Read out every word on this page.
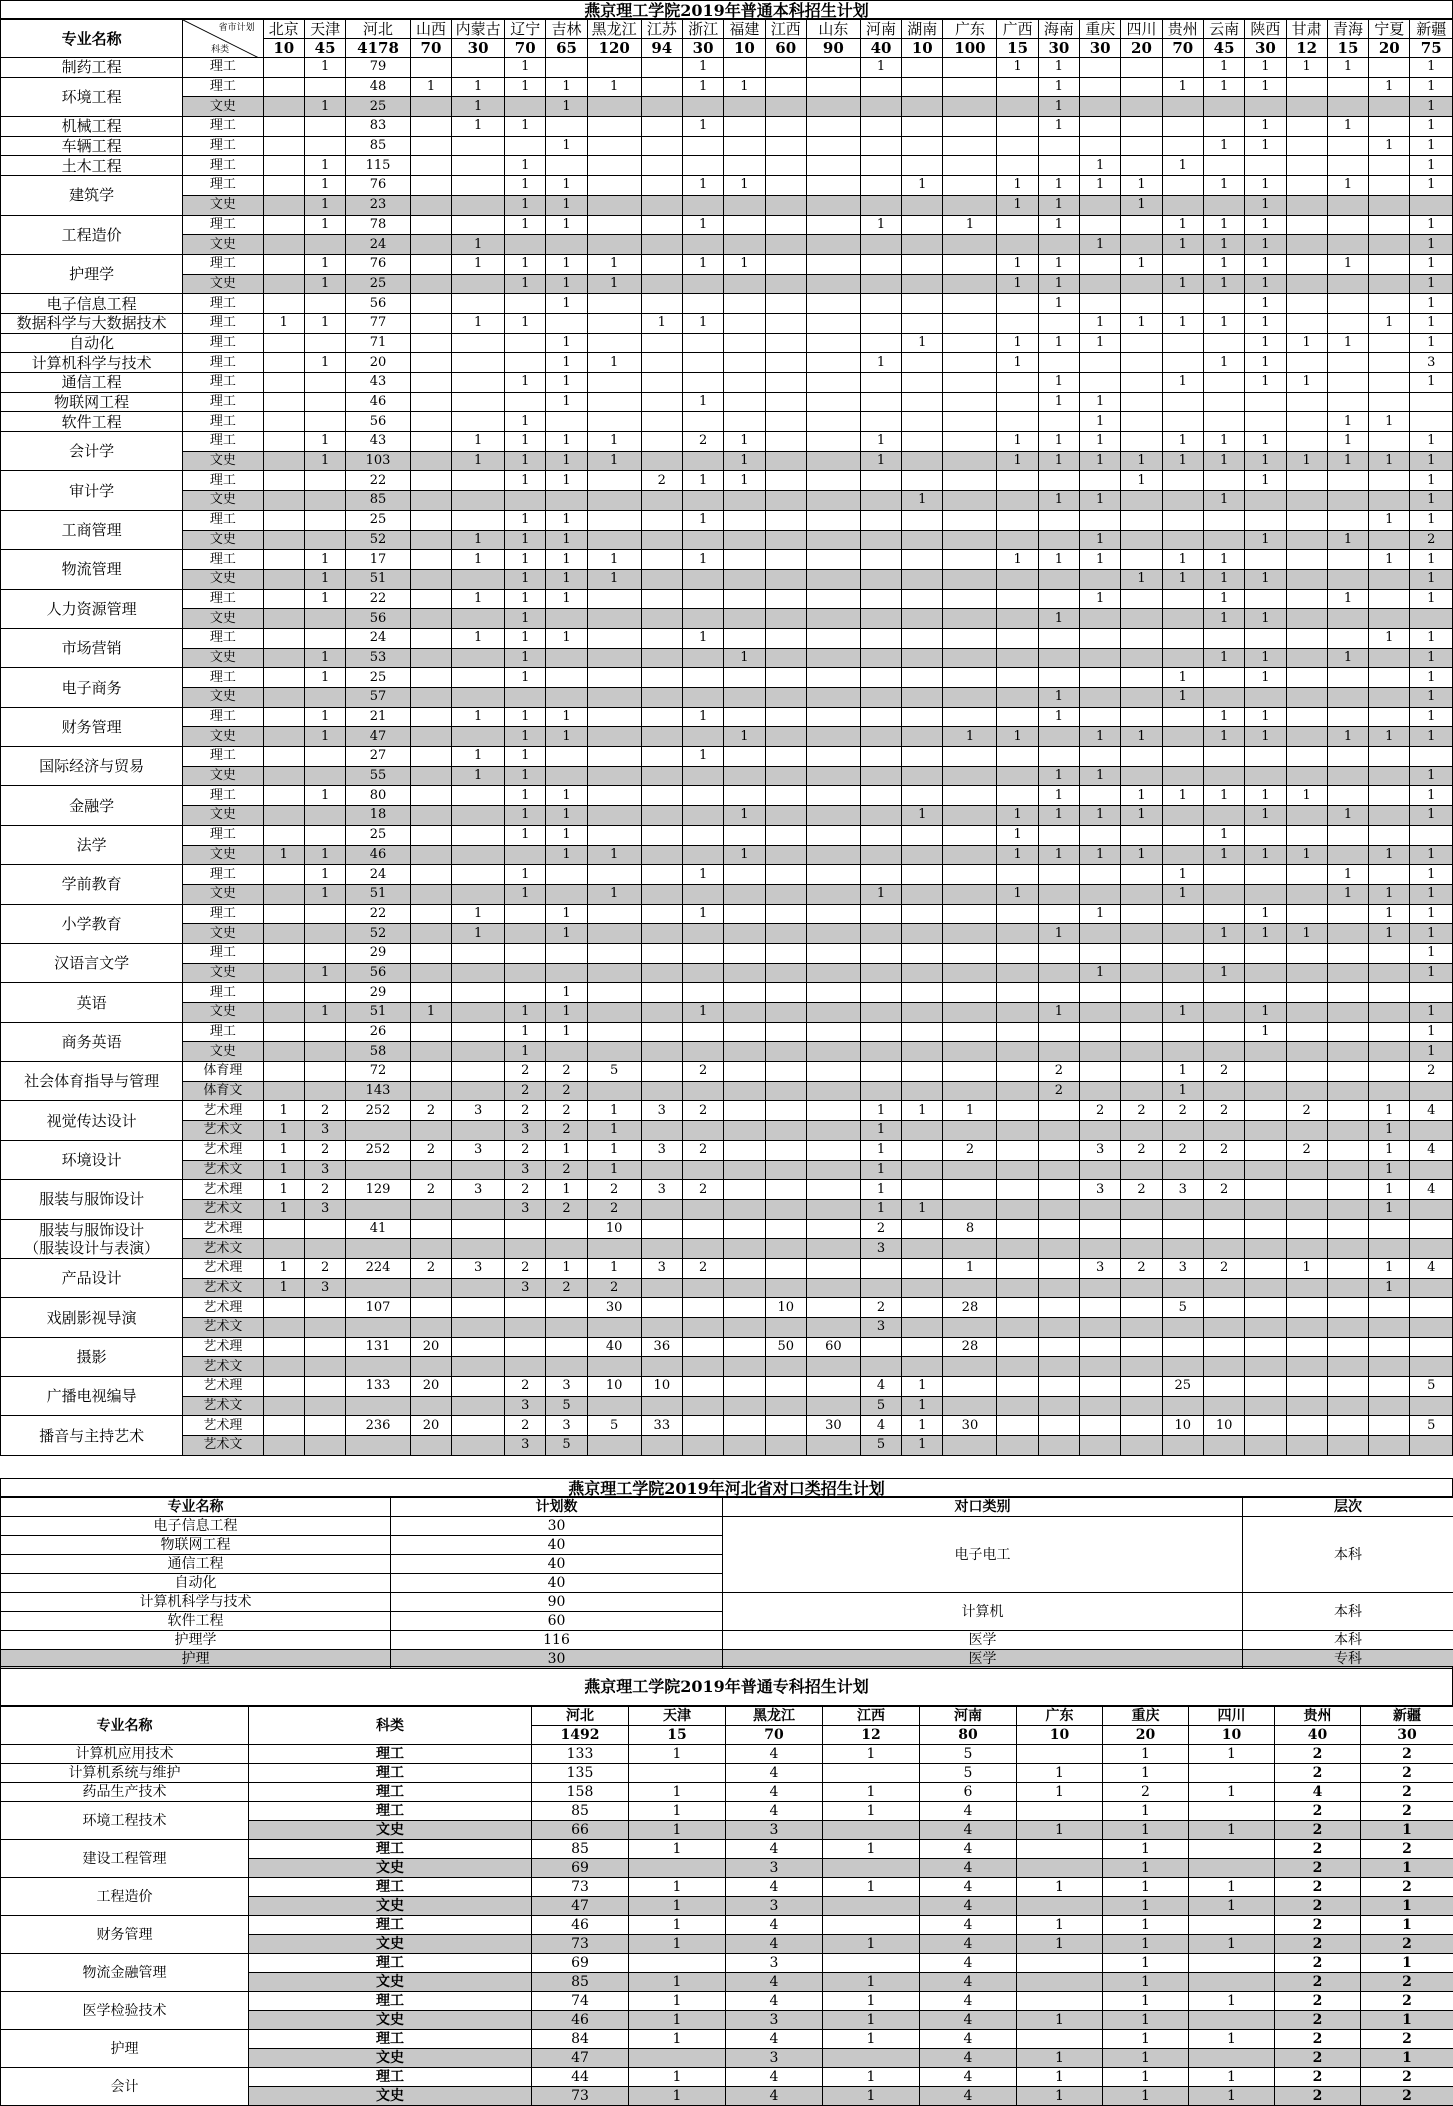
燕京理工学院2019年普通本科招生计划
专业名称	省市计划
科类	北京	天津	河北	山西	内蒙古	辽宁	吉林	黑龙江	江苏	浙江	福建	江西	山东	河南	湖南	广东	广西	海南	重庆	四川	贵州	云南	陕西	甘肃	青海	宁夏	新疆
		10	45	4178	70	30	70	65	120	94	30	10	60	90	40	10	100	15	30	30	20	70	45	30	12	15	20	75
制药工程	理工		1	79			1				1				1			1	1				1	1	1	1		1
环境工程	理工			48	1	1	1	1	1		1	1							1			1	1	1			1	1
	文史		1	25		1		1											1									1
机械工程	理工			83		1	1				1								1					1		1		1
车辆工程	理工			85				1															1	1			1	1
土木工程	理工		1	115			1													1		1						1
建筑学	理工		1	76			1	1			1	1				1		1	1	1	1		1	1		1		1
	文史		1	23			1	1										1	1		1			1				
工程造价	理工		1	78			1	1			1				1		1		1			1	1	1				1
	文史			24		1														1		1	1	1				1
护理学	理工		1	76		1	1	1	1		1	1						1	1		1		1	1		1		1
	文史		1	25			1	1	1									1	1			1	1	1				1
电子信息工程	理工			56				1											1					1				1
数据科学与大数据技术	理工	1	1	77		1	1			1	1									1	1	1	1	1			1	1
自动化	理工			71				1								1		1	1	1				1	1	1		1
计算机科学与技术	理工		1	20				1	1						1			1					1	1				3
通信工程	理工			43			1	1											1			1		1	1			1
物联网工程	理工			46				1			1								1	1								
软件工程	理工			56			1													1						1	1	
会计学	理工		1	43		1	1	1	1		2	1			1			1	1	1		1	1	1		1		1
	文史		1	103		1	1	1	1			1			1			1	1	1	1	1	1	1	1	1	1	1
审计学	理工			22			1	1		2	1	1									1			1				1
	文史			85												1			1	1			1					1
工商管理	理工			25			1	1			1																1	1
	文史			52		1	1	1												1				1		1		2
物流管理	理工		1	17		1	1	1	1		1							1	1	1		1	1				1	1
	文史		1	51			1	1	1												1	1	1	1				1
人力资源管理	理工		1	22		1	1	1												1			1			1		1
	文史			56			1												1				1	1				
市场营销	理工			24		1	1	1			1																1	1
	文史		1	53			1					1											1	1		1		1
电子商务	理工		1	25			1															1		1				1
	文史			57															1			1						1
财务管理	理工		1	21		1	1	1			1								1				1	1				1
	文史		1	47			1	1				1					1	1		1	1		1	1		1	1	1
国际经济与贸易	理工			27		1	1				1																	
	文史			55		1	1												1	1								1
金融学	理工		1	80			1	1											1		1	1	1	1	1			1
	文史			18			1	1				1				1		1	1	1	1			1		1		1
法学	理工			25			1	1										1					1					
	文史	1	1	46				1	1			1						1	1	1	1		1	1	1		1	1
学前教育	理工		1	24			1				1											1				1		1
	文史		1	51			1		1						1			1				1				1	1	1
小学教育	理工			22		1		1			1									1				1			1	1
	文史			52		1		1											1				1	1	1		1	1
汉语言文学	理工			29																								1
	文史		1	56																1			1					1
英语	理工			29				1																				
	文史		1	51	1		1	1			1								1			1		1				1
商务英语	理工			26			1	1																1				1
	文史			58			1																					1
社会体育指导与管理	体育理			72			2	2	5		2								2			1	2					2
	体育文			143			2	2											2			1						
视觉传达设计	艺术理	1	2	252	2	3	2	2	1	3	2				1	1	1			2	2	2	2		2		1	4
	艺术文	1	3				3	2	1						1												1	
环境设计	艺术理	1	2	252	2	3	2	1	1	3	2				1		2			3	2	2	2		2		1	4
	艺术文	1	3				3	2	1						1												1	
服装与服饰设计	艺术理	1	2	129	2	3	2	1	2	3	2				1					3	2	3	2				1	4
	艺术文	1	3				3	2	2						1	1											1	
服装与服饰设计
（服装设计与表演）	艺术理			41					10						2		8											
	艺术文														3													
产品设计	艺术理	1	2	224	2	3	2	1	1	3	2						1			3	2	3	2		1		1	4
	艺术文	1	3				3	2	2																		1	
戏剧影视导演	艺术理			107					30				10		2		28					5						
	艺术文														3													
摄影	艺术理			131	20				40	36			50	60			28											
	艺术文																											
广播电视编导	艺术理			133	20		2	3	10	10					4	1						25						5
	艺术文						3	5							5	1												
播音与主持艺术	艺术理			236	20		2	3	5	33				30	4	1	30					10	10					5
	艺术文						3	5							5	1												
燕京理工学院2019年河北省对口类招生计划
专业名称	计划数	对口类别	层次
电子信息工程	30	电子电工	本科
物联网工程	40		
通信工程	40		
自动化	40		
计算机科学与技术	90	计算机	本科
软件工程	60		
护理学	116	医学	本科
护理	30	医学	专科
燕京理工学院2019年普通专科招生计划
专业名称	科类	河北	天津	黑龙江	江西	河南	广东	重庆	四川	贵州	新疆
		1492	15	70	12	80	10	20	10	40	30
计算机应用技术	理工	133	1	4	1	5		1	1	2	2
计算机系统与维护	理工	135		4		5	1	1		2	2
药品生产技术	理工	158	1	4	1	6	1	2	1	4	2
环境工程技术	理工	85	1	4	1	4		1		2	2
	文史	66	1	3		4	1	1	1	2	1
建设工程管理	理工	85	1	4	1	4		1		2	2
	文史	69		3		4		1		2	1
工程造价	理工	73	1	4	1	4	1	1	1	2	2
	文史	47	1	3		4		1	1	2	1
财务管理	理工	46	1	4		4	1	1		2	1
	文史	73	1	4	1	4	1	1	1	2	2
物流金融管理	理工	69		3		4		1		2	1
	文史	85	1	4	1	4		1		2	2
医学检验技术	理工	74	1	4	1	4		1	1	2	2
	文史	46	1	3	1	4	1	1		2	1
护理	理工	84	1	4	1	4		1	1	2	2
	文史	47		3		4	1	1		2	1
会计	理工	44	1	4	1	4	1	1	1	2	2
	文史	73	1	4	1	4	1	1	1	2	2
